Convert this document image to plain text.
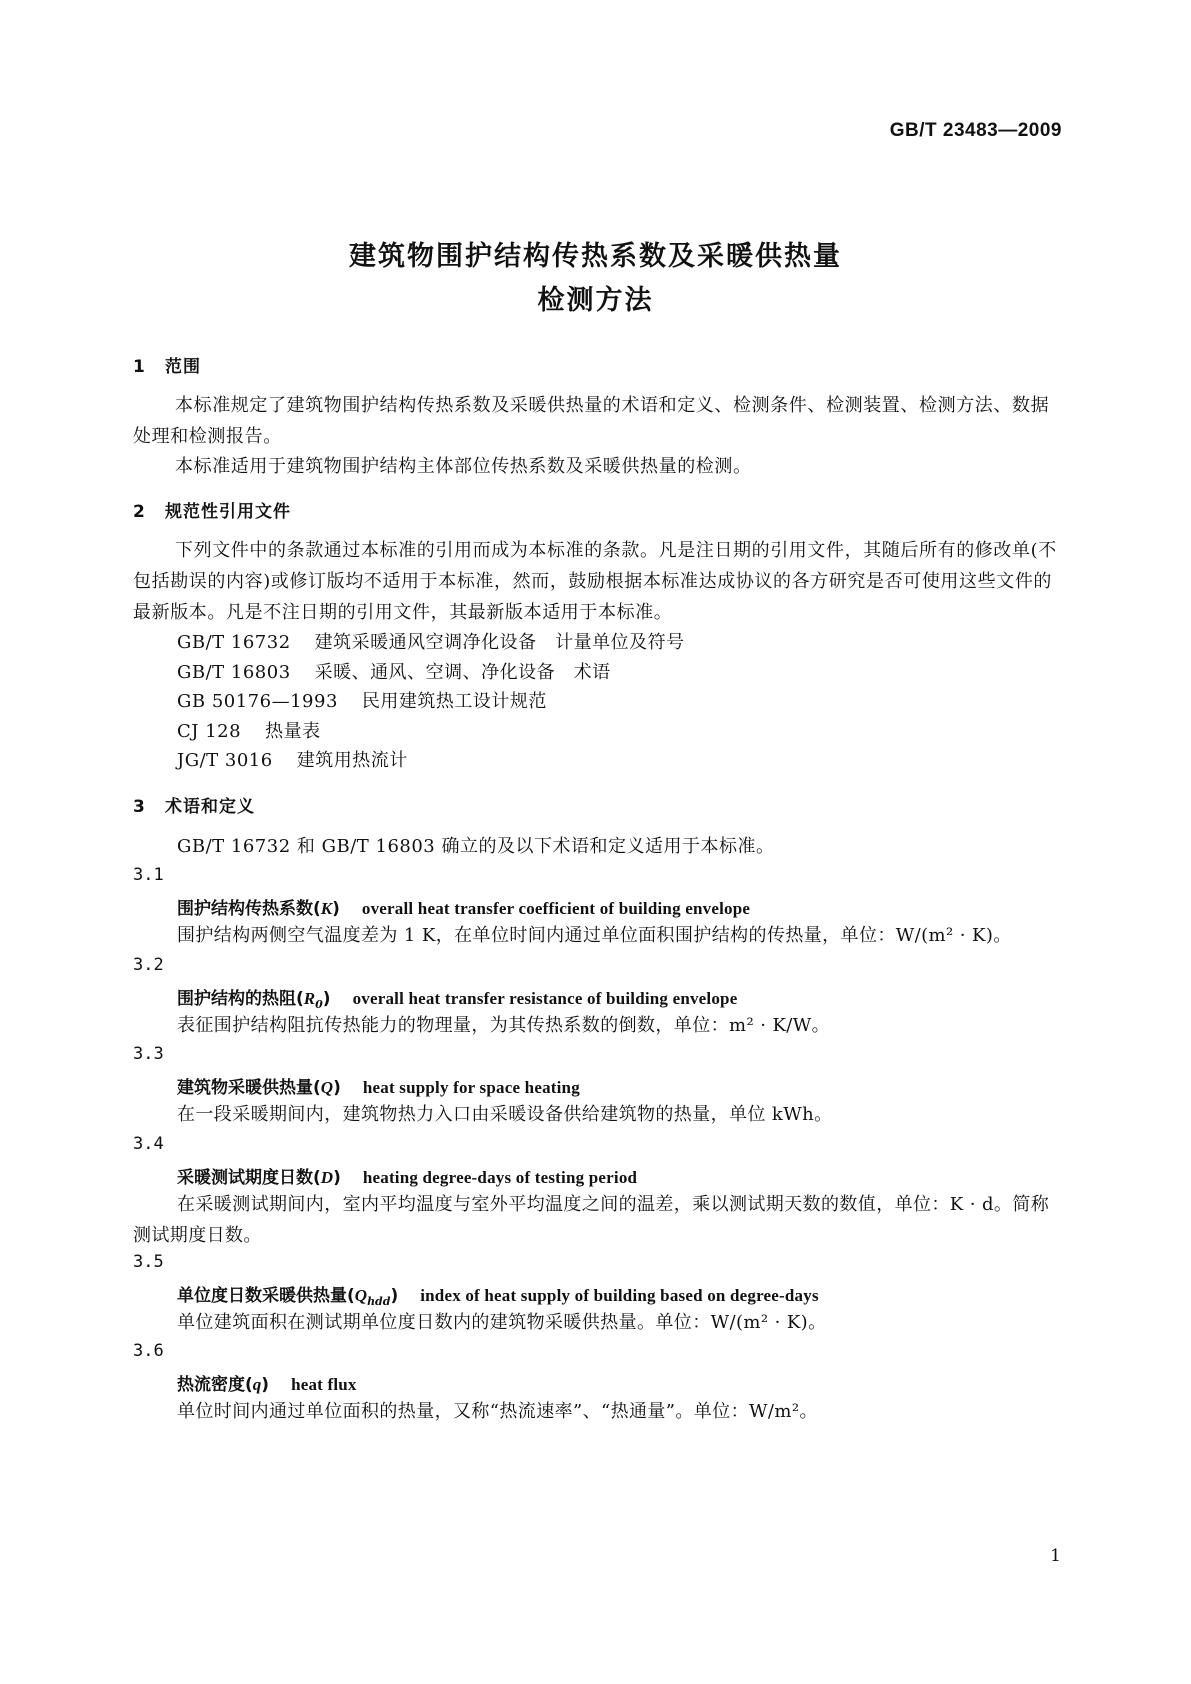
GB/T 23483—2009
建筑物围护结构传热系数及采暖供热量
检测方法
1 范围
本标准规定了建筑物围护结构传热系数及采暖供热量的术语和定义、检测条件、检测装置、检测方法、数据处理和检测报告。
本标准适用于建筑物围护结构主体部位传热系数及采暖供热量的检测。
2 规范性引用文件
下列文件中的条款通过本标准的引用而成为本标准的条款。凡是注日期的引用文件，其随后所有的修改单(不包括勘误的内容)或修订版均不适用于本标准，然而，鼓励根据本标准达成协议的各方研究是否可使用这些文件的最新版本。凡是不注日期的引用文件，其最新版本适用于本标准。
GB/T 16732 建筑采暖通风空调净化设备　计量单位及符号
GB/T 16803 采暖、通风、空调、净化设备　术语
GB 50176—1993 民用建筑热工设计规范
CJ 128 热量表
JG/T 3016 建筑用热流计
3 术语和定义
GB/T 16732 和 GB/T 16803 确立的及以下术语和定义适用于本标准。
3.1
围护结构传热系数(K) overall heat transfer coefficient of building envelope
围护结构两侧空气温度差为 1 K，在单位时间内通过单位面积围护结构的传热量，单位：W/(m² · K)。
3.2
围护结构的热阻$(R_0)$ overall heat transfer resistance of building envelope
表征围护结构阻抗传热能力的物理量，为其传热系数的倒数，单位：m² · K/W。
3.3
建筑物采暖供热量(Q) heat supply for space heating
在一段采暖期间内，建筑物热力入口由采暖设备供给建筑物的热量，单位 kWh。
3.4
采暖测试期度日数(D) heating degree-days of testing period
在采暖测试期间内，室内平均温度与室外平均温度之间的温差，乘以测试期天数的数值，单位：K · d。简称测试期度日数。
3.5
单位度日数采暖供热量$(Q_{hdd})$ index of heat supply of building based on degree-days
单位建筑面积在测试期单位度日数内的建筑物采暖供热量。单位：W/(m² · K)。
3.6
热流密度(q) heat flux
单位时间内通过单位面积的热量，又称“热流速率”、“热通量”。单位：W/m²。
1
